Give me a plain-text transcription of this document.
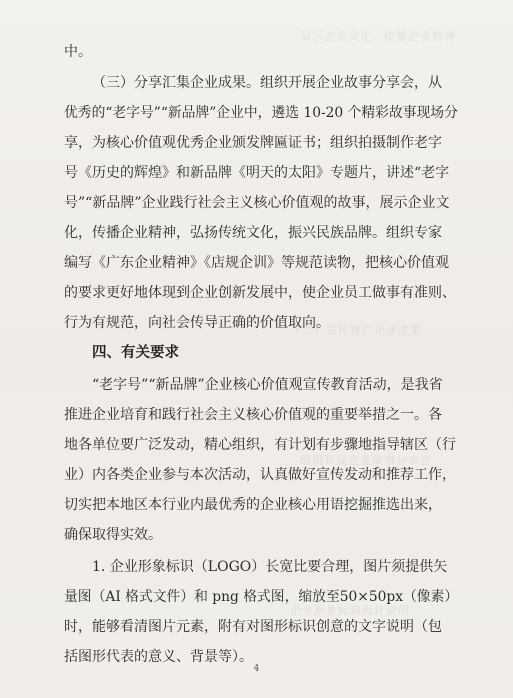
展示企业文化，传播企业精神
（二）宣传推广企业成果
组织开展企业故事分享会
企业形象标识设计说明
中。
（三）分享汇集企业成果。组织开展企业故事分享会，从
优秀的“老字号”“新品牌”企业中，遴选 10-20 个精彩故事现场分
享，为核心价值观优秀企业颁发牌匾证书；组织拍摄制作老字
号《历史的辉煌》和新品牌《明天的太阳》专题片，讲述“老字
号”“新品牌”企业践行社会主义核心价值观的故事，展示企业文
化，传播企业精神，弘扬传统文化，振兴民族品牌。组织专家
编写《广东企业精神》《店规企训》等规范读物，把核心价值观
的要求更好地体现到企业创新发展中，使企业员工做事有准则、
行为有规范，向社会传导正确的价值取向。
四、有关要求
“老字号”“新品牌”企业核心价值观宣传教育活动，是我省
推进企业培育和践行社会主义核心价值观的重要举措之一。各
地各单位要广泛发动，精心组织，有计划有步骤地指导辖区（行
业）内各类企业参与本次活动，认真做好宣传发动和推荐工作，
切实把本地区本行业内最优秀的企业核心用语挖掘推选出来，
确保取得实效。
1. 企业形象标识（LOGO）长宽比要合理，图片须提供矢
量图（AI 格式文件）和 png 格式图，缩放至50×50px（像素）
时，能够看清图片元素，附有对图形标识创意的文字说明（包
括图形代表的意义、背景等）。
4
